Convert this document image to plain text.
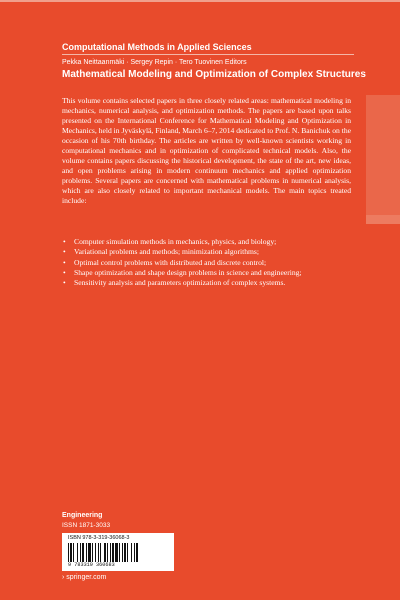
Computational Methods in Applied Sciences
Pekka Neittaanmäki · Sergey Repin · Tero Tuovinen Editors
Mathematical Modeling and Optimization of Complex Structures

This volume contains selected papers in three closely related areas: mathematical modeling in mechanics, numerical analysis, and optimization methods. The papers are based upon talks presented on the International Conference for Mathematical Modeling and Optimization in Mechanics, held in Jyväskylä, Finland, March 6–7, 2014 dedicated to Prof. N. Banichuk on the occasion of his 70th birthday. The articles are written by well-known scientists working in computational mechanics and in optimization of complicated technical models. Also, the volume contains papers discussing the historical development, the state of the art, new ideas, and open problems arising in modern continuum mechanics and applied optimization problems. Several papers are concerned with mathematical problems in numerical analysis, which are also closely related to important mechanical models. The main topics treated include:

• Computer simulation methods in mechanics, physics, and biology;
• Variational problems and methods; minimization algorithms;
• Optimal control problems with distributed and discrete control;
• Shape optimization and shape design problems in science and engineering;
• Sensitivity analysis and parameters optimization of complex systems.
Engineering
ISSN 1871-3033
ISBN 978-3-319-36068-3
9 783319 360683
› springer.com
